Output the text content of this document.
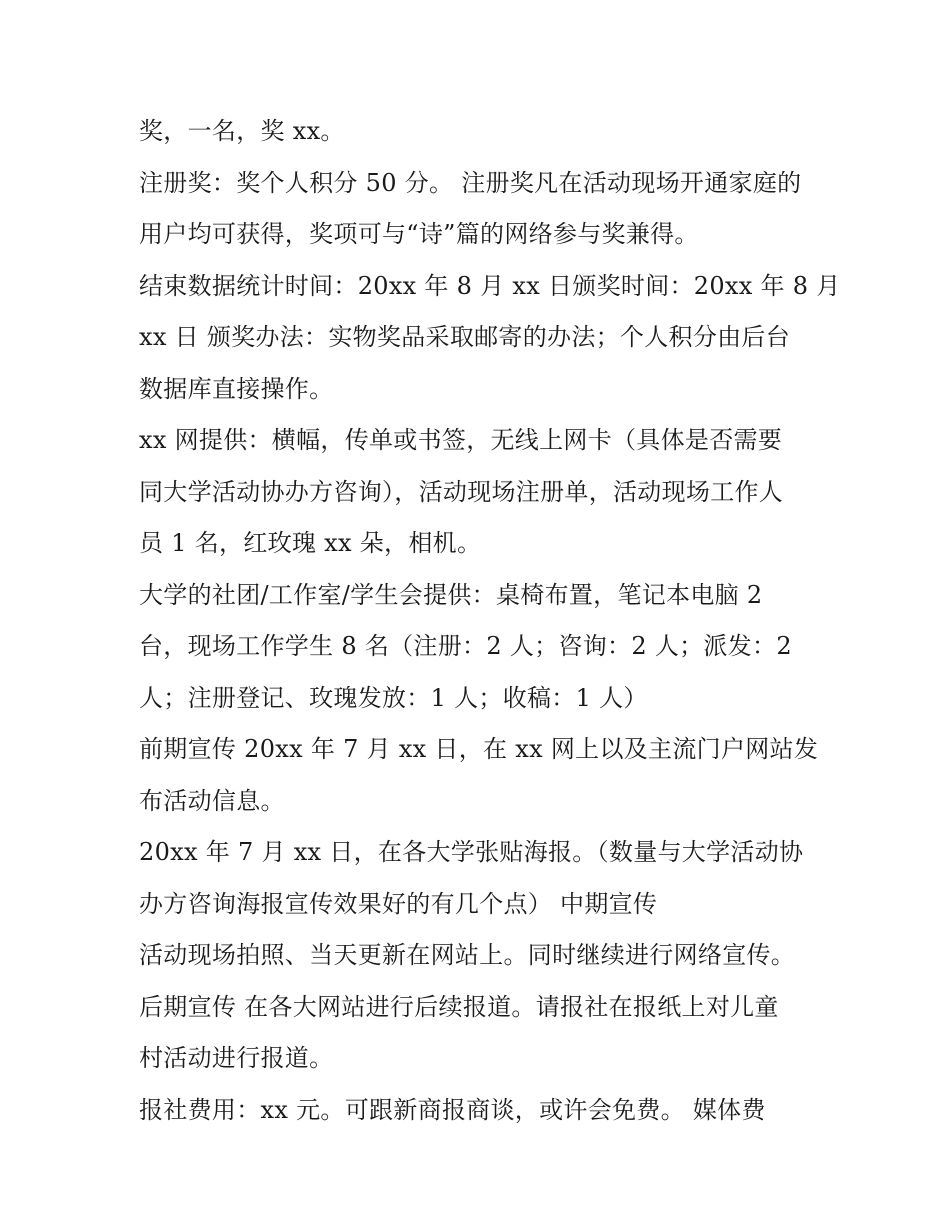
奖，一名，奖 xx。
注册奖：奖个人积分 50 分。 注册奖凡在活动现场开通家庭的
用户均可获得，奖项可与“诗”篇的网络参与奖兼得。
结束数据统计时间：20xx 年 8 月 xx 日颁奖时间：20xx 年 8 月
xx 日 颁奖办法：实物奖品采取邮寄的办法；个人积分由后台
数据库直接操作。
xx 网提供：横幅，传单或书签，无线上网卡（具体是否需要
同大学活动协办方咨询），活动现场注册单，活动现场工作人
员 1 名，红玫瑰 xx 朵，相机。
大学的社团/工作室/学生会提供：桌椅布置，笔记本电脑 2
台，现场工作学生 8 名（注册：2 人；咨询：2 人；派发：2
人；注册登记、玫瑰发放：1 人；收稿：1 人）
前期宣传 20xx 年 7 月 xx 日，在 xx 网上以及主流门户网站发
布活动信息。
20xx 年 7 月 xx 日，在各大学张贴海报。（数量与大学活动协
办方咨询海报宣传效果好的有几个点） 中期宣传
活动现场拍照、当天更新在网站上。同时继续进行网络宣传。
后期宣传 在各大网站进行后续报道。请报社在报纸上对儿童
村活动进行报道。
报社费用：xx 元。可跟新商报商谈，或许会免费。 媒体费
